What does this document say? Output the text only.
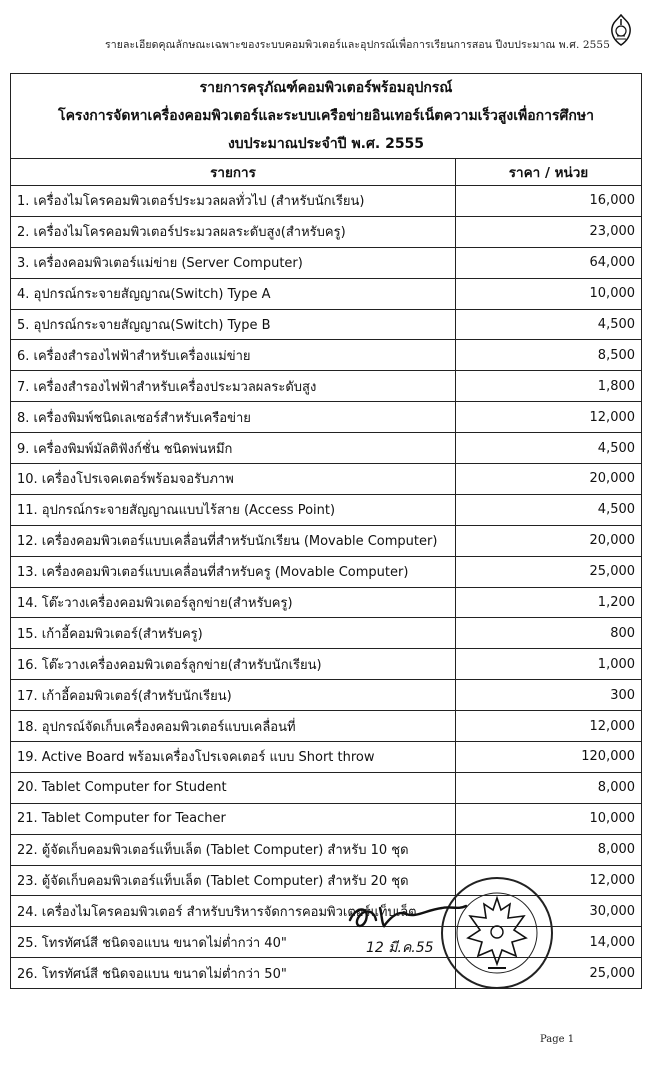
รายละเอียดคุณลักษณะเฉพาะของระบบคอมพิวเตอร์และอุปกรณ์เพื่อการเรียนการสอน ปีงบประมาณ พ.ศ. 2555
รายการครุภัณฑ์คอมพิวเตอร์พร้อมอุปกรณ์	
โครงการจัดหาเครื่องคอมพิวเตอร์และระบบเครือข่ายอินเทอร์เน็ตความเร็วสูงเพื่อการศึกษา	
งบประมาณประจำปี พ.ศ. 2555	
รายการ	ราคา / หน่วย
1. เครื่องไมโครคอมพิวเตอร์ประมวลผลทั่วไป (สำหรับนักเรียน)	16,000
2. เครื่องไมโครคอมพิวเตอร์ประมวลผลระดับสูง(สำหรับครู)	23,000
3. เครื่องคอมพิวเตอร์แม่ข่าย (Server Computer)	64,000
4. อุปกรณ์กระจายสัญญาณ(Switch) Type A	10,000
5. อุปกรณ์กระจายสัญญาณ(Switch) Type B	4,500
6. เครื่องสำรองไฟฟ้าสำหรับเครื่องแม่ข่าย	8,500
7. เครื่องสำรองไฟฟ้าสำหรับเครื่องประมวลผลระดับสูง	1,800
8. เครื่องพิมพ์ชนิดเลเซอร์สำหรับเครือข่าย	12,000
9. เครื่องพิมพ์มัลติฟังก์ชั่น ชนิดพ่นหมึก	4,500
10. เครื่องโปรเจคเตอร์พร้อมจอรับภาพ	20,000
11. อุปกรณ์กระจายสัญญาณแบบไร้สาย (Access Point)	4,500
12. เครื่องคอมพิวเตอร์แบบเคลื่อนที่สำหรับนักเรียน (Movable Computer)	20,000
13. เครื่องคอมพิวเตอร์แบบเคลื่อนที่สำหรับครู (Movable Computer)	25,000
14. โต๊ะวางเครื่องคอมพิวเตอร์ลูกข่าย(สำหรับครู)	1,200
15. เก้าอี้คอมพิวเตอร์(สำหรับครู)	800
16. โต๊ะวางเครื่องคอมพิวเตอร์ลูกข่าย(สำหรับนักเรียน)	1,000
17. เก้าอี้คอมพิวเตอร์(สำหรับนักเรียน)	300
18. อุปกรณ์จัดเก็บเครื่องคอมพิวเตอร์แบบเคลื่อนที่	12,000
19. Active Board พร้อมเครื่องโปรเจคเตอร์ แบบ Short throw	120,000
20. Tablet Computer for Student	8,000
21. Tablet Computer for Teacher	10,000
22. ตู้จัดเก็บคอมพิวเตอร์แท็บเล็ต (Tablet Computer) สำหรับ 10 ชุด	8,000
23. ตู้จัดเก็บคอมพิวเตอร์แท็บเล็ต (Tablet Computer) สำหรับ 20 ชุด	12,000
24. เครื่องไมโครคอมพิวเตอร์ สำหรับบริหารจัดการคอมพิวเตอร์แท็บเล็ต	30,000
25. โทรทัศน์สี ชนิดจอแบน ขนาดไม่ต่ำกว่า 40"	14,000
26. โทรทัศน์สี ชนิดจอแบน ขนาดไม่ต่ำกว่า 50"	25,000
12 มี.ค.55
Page 1
